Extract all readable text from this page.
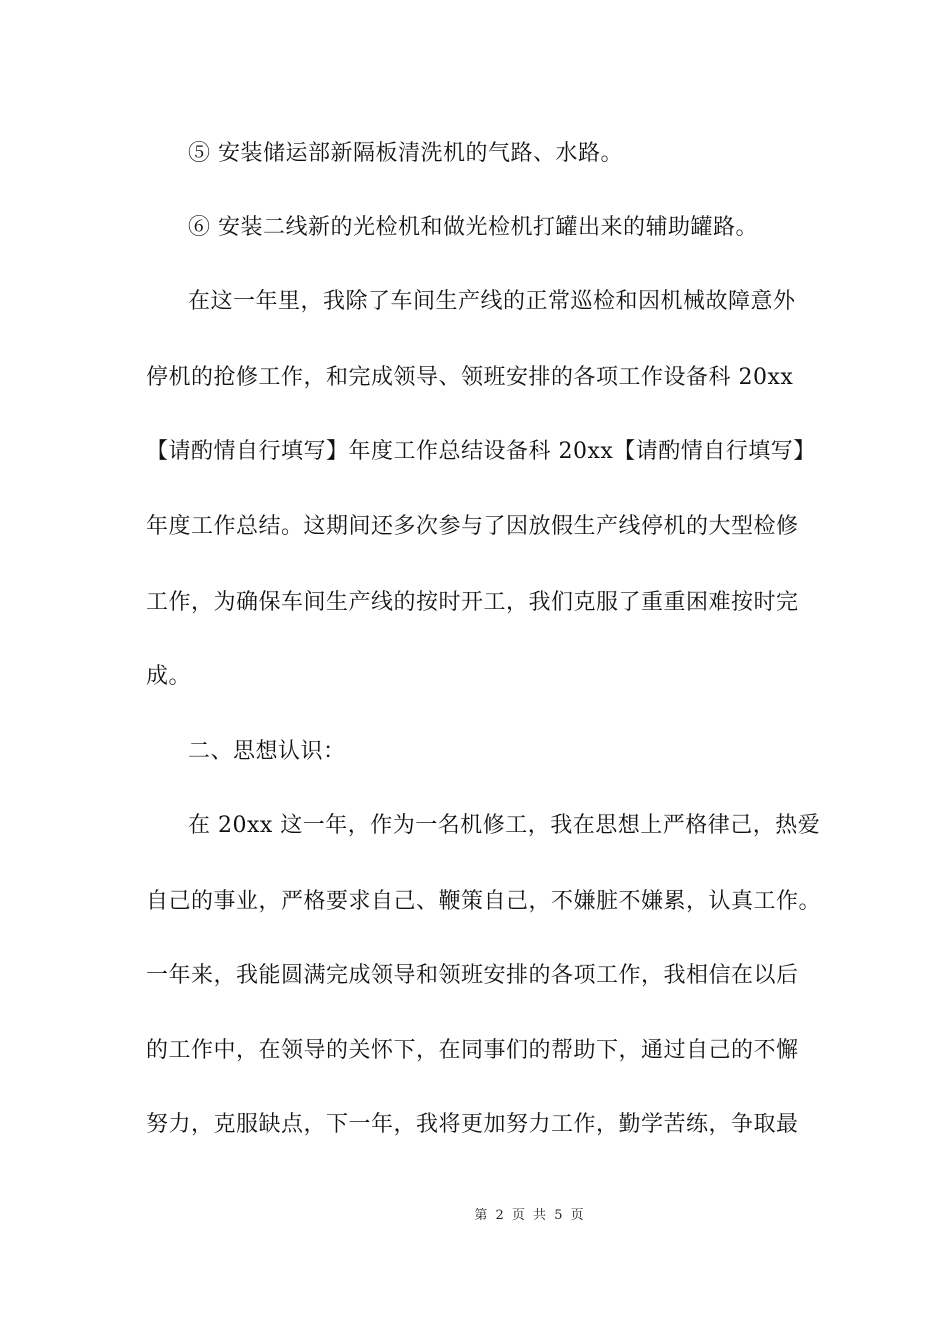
⑤ 安装储运部新隔板清洗机的气路、水路。
⑥ 安装二线新的光检机和做光检机打罐出来的辅助罐路。
在这一年里，我除了车间生产线的正常巡检和因机械故障意外
停机的抢修工作，和完成领导、领班安排的各项工作设备科 20xx
【请酌情自行填写】年度工作总结设备科 20xx【请酌情自行填写】
年度工作总结。这期间还多次参与了因放假生产线停机的大型检修
工作，为确保车间生产线的按时开工，我们克服了重重困难按时完
成。
二、思想认识：
在 20xx 这一年，作为一名机修工，我在思想上严格律己，热爱
自己的事业，严格要求自己、鞭策自己，不嫌脏不嫌累，认真工作。
一年来，我能圆满完成领导和领班安排的各项工作，我相信在以后
的工作中，在领导的关怀下，在同事们的帮助下，通过自己的不懈
努力，克服缺点，下一年，我将更加努力工作，勤学苦练，争取最
第 2 页 共 5 页
